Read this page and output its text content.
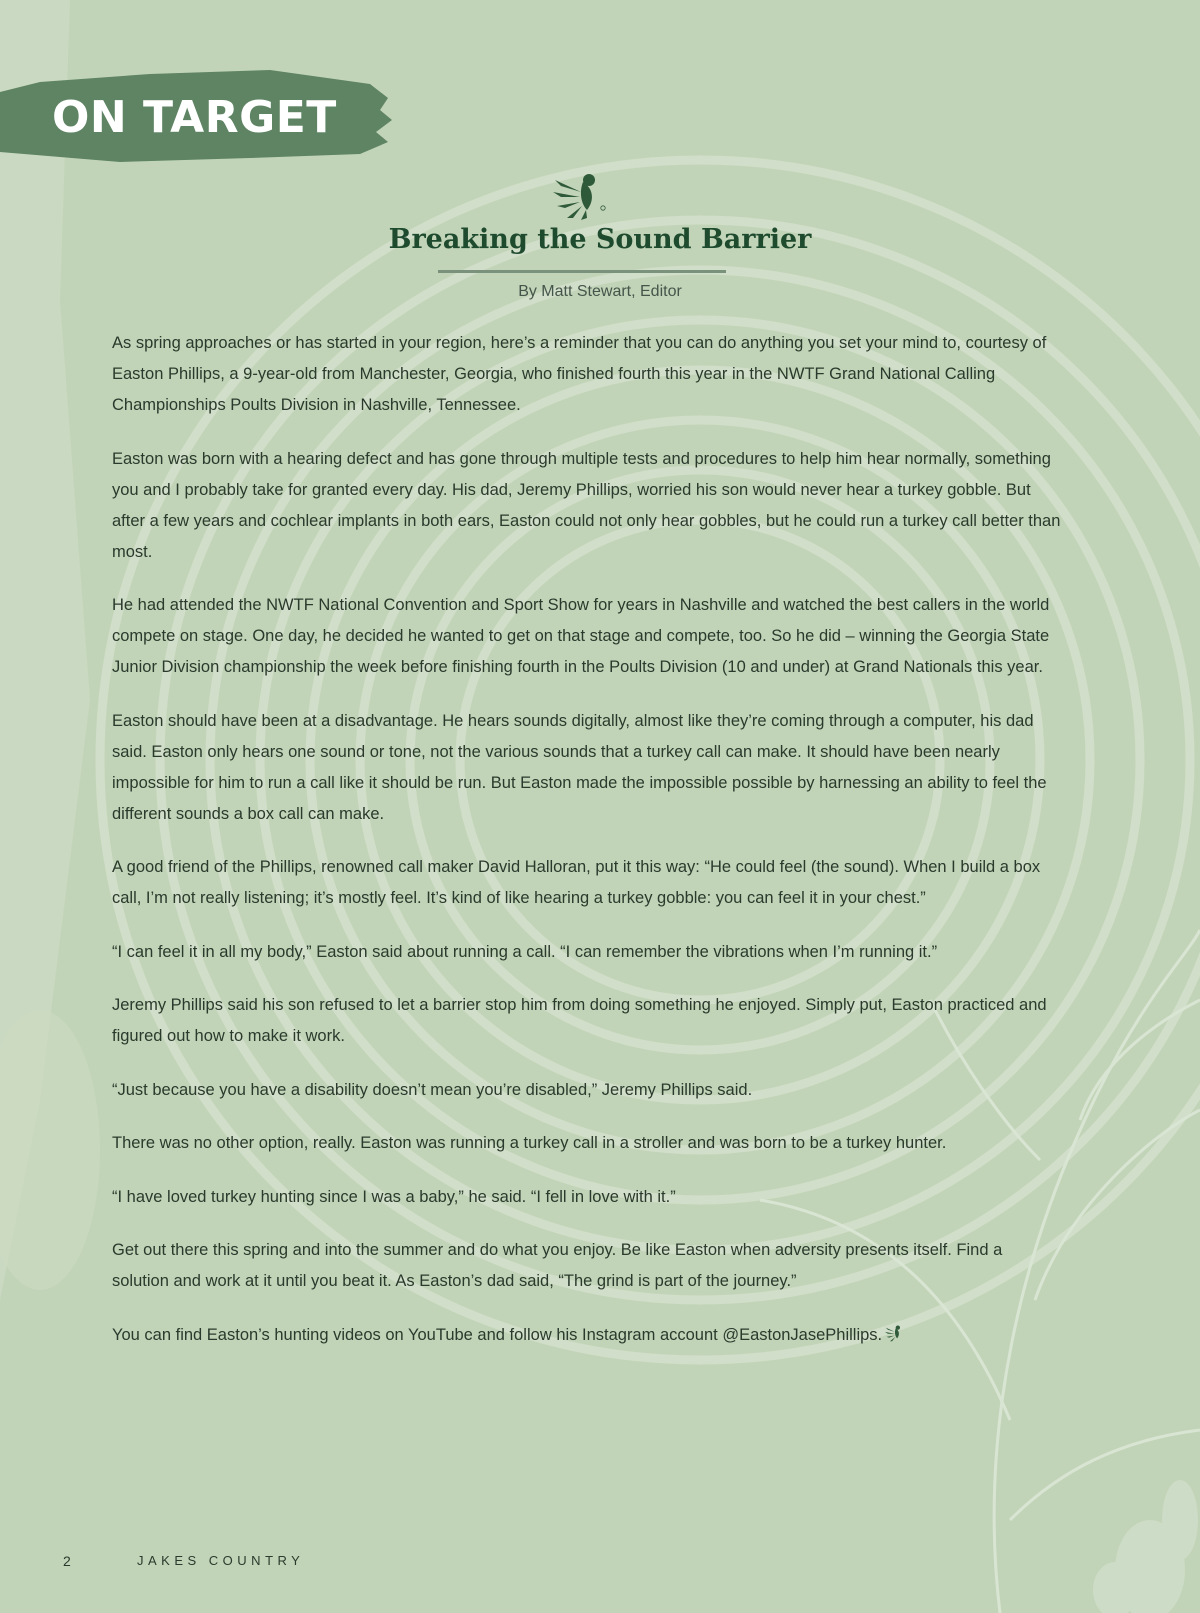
ON TARGET
Breaking the Sound Barrier
By Matt Stewart, Editor

As spring approaches or has started in your region, here’s a reminder that you can do anything you set your mind to, courtesy of Easton Phillips, a 9-year-old from Manchester, Georgia, who finished fourth this year in the NWTF Grand National Calling Championships Poults Division in Nashville, Tennessee.

Easton was born with a hearing defect and has gone through multiple tests and procedures to help him hear normally, something you and I probably take for granted every day. His dad, Jeremy Phillips, worried his son would never hear a turkey gobble. But after a few years and cochlear implants in both ears, Easton could not only hear gobbles, but he could run a turkey call better than most.

He had attended the NWTF National Convention and Sport Show for years in Nashville and watched the best callers in the world compete on stage. One day, he decided he wanted to get on that stage and compete, too. So he did – winning the Georgia State Junior Division championship the week before finishing fourth in the Poults Division (10 and under) at Grand Nationals this year.

Easton should have been at a disadvantage. He hears sounds digitally, almost like they’re coming through a computer, his dad said. Easton only hears one sound or tone, not the various sounds that a turkey call can make. It should have been nearly impossible for him to run a call like it should be run. But Easton made the impossible possible by harnessing an ability to feel the different sounds a box call can make.

A good friend of the Phillips, renowned call maker David Halloran, put it this way: “He could feel (the sound). When I build a box call, I’m not really listening; it’s mostly feel. It’s kind of like hearing a turkey gobble: you can feel it in your chest.”

“I can feel it in all my body,” Easton said about running a call. “I can remember the vibrations when I’m running it.”

Jeremy Phillips said his son refused to let a barrier stop him from doing something he enjoyed. Simply put, Easton practiced and figured out how to make it work.

“Just because you have a disability doesn’t mean you’re disabled,” Jeremy Phillips said.

There was no other option, really. Easton was running a turkey call in a stroller and was born to be a turkey hunter.

“I have loved turkey hunting since I was a baby,” he said. “I fell in love with it.”

Get out there this spring and into the summer and do what you enjoy. Be like Easton when adversity presents itself. Find a solution and work at it until you beat it. As Easton’s dad said, “The grind is part of the journey.”

You can find Easton’s hunting videos on YouTube and follow his Instagram account @EastonJasePhillips.

2	JAKES COUNTRY
